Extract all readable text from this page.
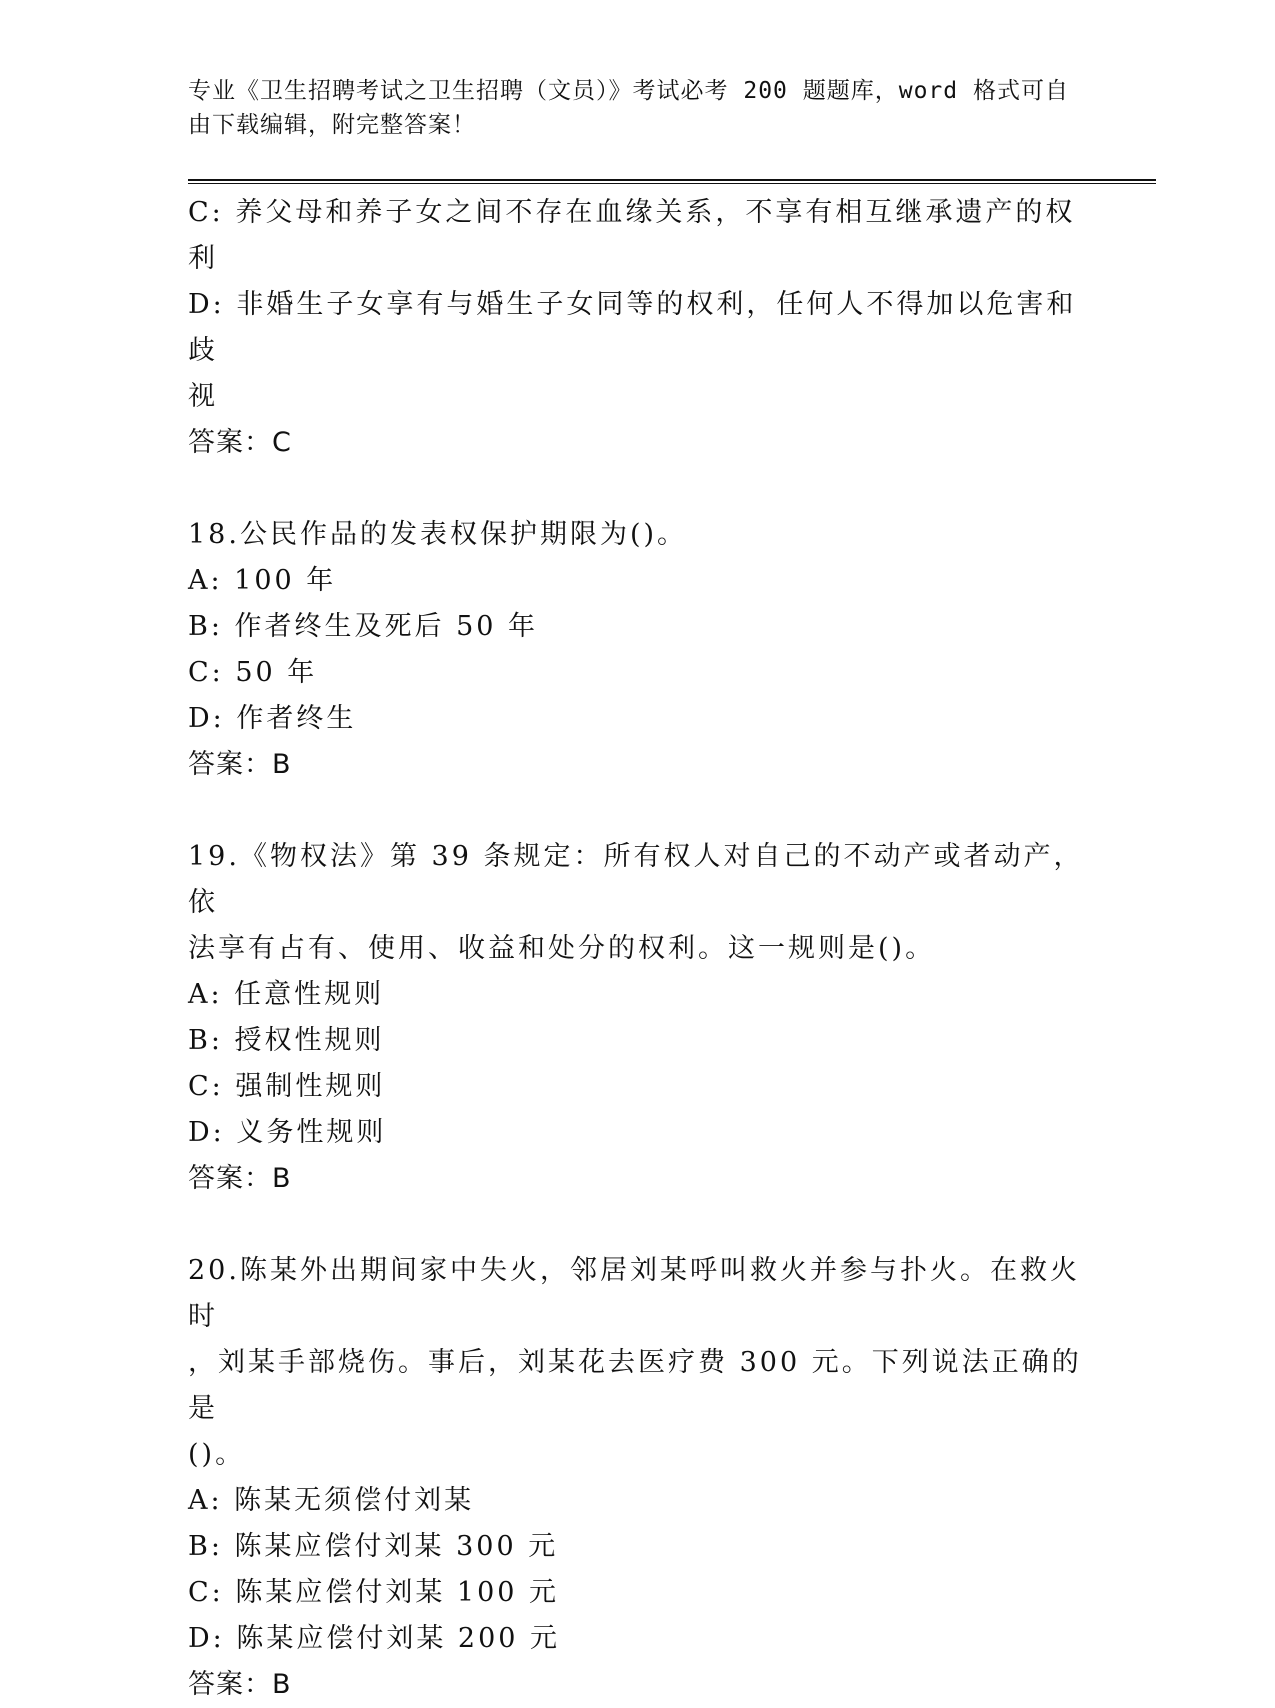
专业《卫生招聘考试之卫生招聘（文员）》考试必考 200 题题库，word 格式可自
由下载编辑，附完整答案！

C: 养父母和养子女之间不存在血缘关系，不享有相互继承遗产的权利

D: 非婚生子女享有与婚生子女同等的权利，任何人不得加以危害和歧

视

答案：C

18.公民作品的发表权保护期限为()。

A: 100 年

B: 作者终生及死后 50 年

C: 50 年

D: 作者终生

答案：B

19.《物权法》第 39 条规定：所有权人对自己的不动产或者动产，依

法享有占有、使用、收益和处分的权利。这一规则是()。

A: 任意性规则

B: 授权性规则

C: 强制性规则

D: 义务性规则

答案：B

20.陈某外出期间家中失火，邻居刘某呼叫救火并参与扑火。在救火时

，刘某手部烧伤。事后，刘某花去医疗费 300 元。下列说法正确的是

()。

A: 陈某无须偿付刘某

B: 陈某应偿付刘某 300 元

C: 陈某应偿付刘某 100 元

D: 陈某应偿付刘某 200 元

答案：B
